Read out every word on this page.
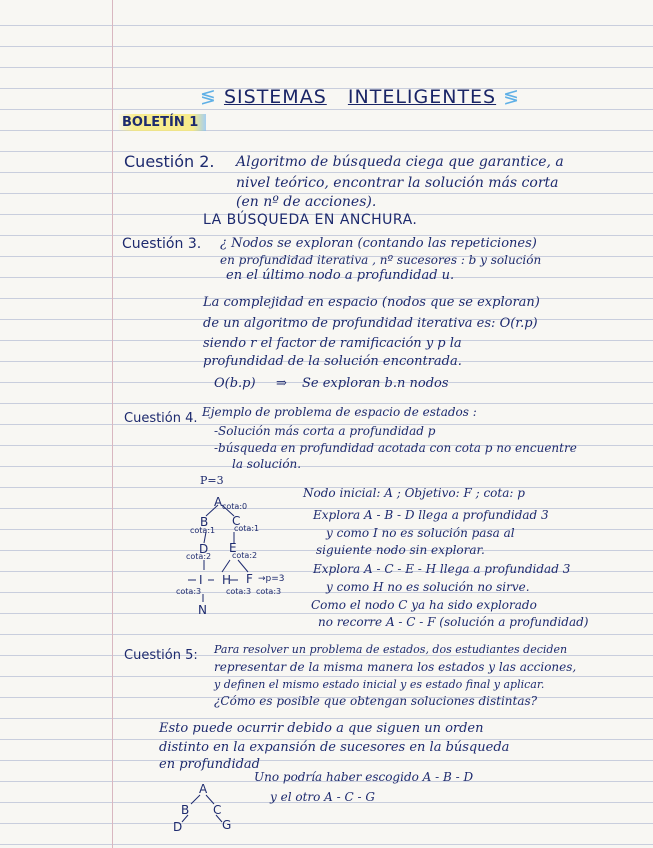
≶ SISTEMAS INTELIGENTES ≶
BOLETÍN 1
Cuestión 2. Algoritmo de búsqueda ciega que garantice, a
nivel teórico, encontrar la solución más corta
(en nº de acciones).
LA BÚSQUEDA EN ANCHURA.
Cuestión 3. ¿ Nodos se exploran (contando las repeticiones)
en profundidad iterativa , nº sucesores : b y solución
en el último nodo a profundidad u.
La complejidad en espacio (nodos que se exploran)
de un algoritmo de profundidad iterativa es: O(r.p)
siendo r el factor de ramificación y p la
profundidad de la solución encontrada.
O(b.p) ⇒ Se exploran b.n nodos
Cuestión 4. Ejemplo de problema de espacio de estados :
-Solución más corta a profundidad p
-búsqueda en profundidad acotada con cota p no encuentre
la solución.
P=3
A cota:0
B
cota:1
C
cota:1
D
cota:2
E
cota:2
I
cota:3
H
cota:3
F
cota:3
→p=3
N
Nodo inicial: A ; Objetivo: F ; cota: p
Explora A - B - D llega a profundidad 3
y como I no es solución pasa al
siguiente nodo sin explorar.
Explora A - C - E - H llega a profundidad 3
y como H no es solución no sirve.
Como el nodo C ya ha sido explorado
no recorre A - C - F (solución a profundidad)
Cuestión 5: Para resolver un problema de estados, dos estudiantes deciden
representar de la misma manera los estados y las acciones,
y definen el mismo estado inicial y es estado final y aplicar.
¿Cómo es posible que obtengan soluciones distintas?
Esto puede ocurrir debido a que siguen un orden
distinto en la expansión de sucesores en la búsqueda
en profundidad
Uno podría haber escogido A - B - D
y el otro A - C - G
A
B C
D	G
